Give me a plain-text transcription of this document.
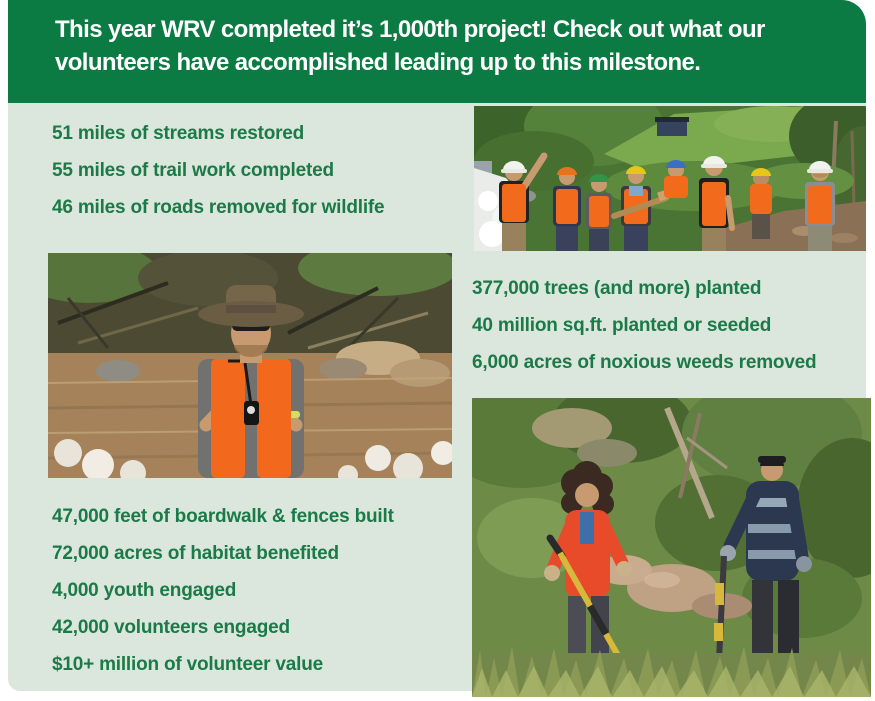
This year WRV completed it’s 1,000th project! Check out what our
volunteers have accomplished leading up to this milestone.
51 miles of streams restored
55 miles of trail work completed
46 miles of roads removed for wildlife
377,000 trees (and more) planted
40 million sq.ft. planted or seeded
6,000 acres of noxious weeds removed
47,000 feet of boardwalk & fences built
72,000 acres of habitat benefited
4,000 youth engaged
42,000 volunteers engaged
$10+ million of volunteer value
